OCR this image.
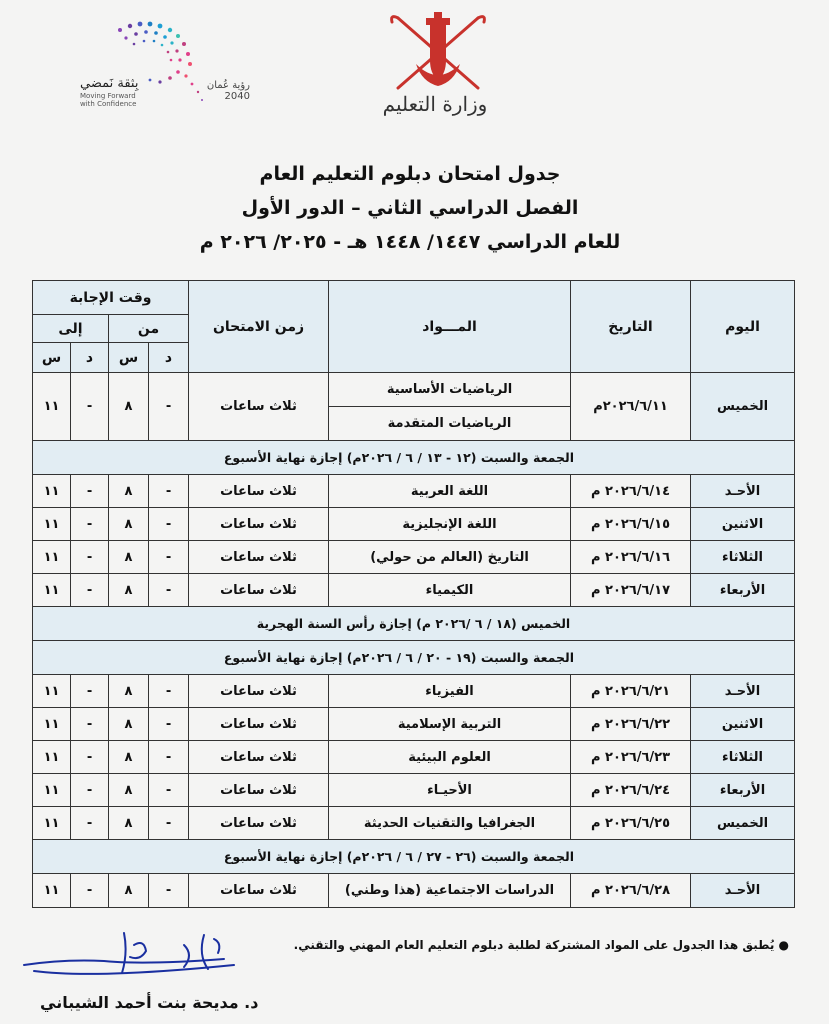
رؤية عُمان 2040
بِثقة نَمضي
Moving Forward
with Confidence	وزارة التعليم
جدول امتحان دبلوم التعليم العام
الفصل الدراسي الثاني – الدور الأول
للعام الدراسي ١٤٤٧/ ١٤٤٨ هـ - ٢٠٢٥/ ٢٠٢٦ م
اليوم	التاريخ	المـــواد	زمن الامتحان	وقت الإجابة			
				من		إلى	
				د	س	د	س
الخميس	٢٠٢٦/٦/١١م	الرياضيات الأساسية	ثلاث ساعات	-	٨	-	١١
		الرياضيات المتقدمة					
الجمعة والسبت (١٢ - ١٣ / ٦ / ٢٠٢٦م) إجازة نهاية الأسبوع							
الأحـد	٢٠٢٦/٦/١٤ م	اللغة العربية	ثلاث ساعات	-	٨	-	١١
الاثنين	٢٠٢٦/٦/١٥ م	اللغة الإنجليزية	ثلاث ساعات	-	٨	-	١١
الثلاثاء	٢٠٢٦/٦/١٦ م	التاريخ (العالم من حولي)	ثلاث ساعات	-	٨	-	١١
الأربعاء	٢٠٢٦/٦/١٧ م	الكيمياء	ثلاث ساعات	-	٨	-	١١
الخميس (١٨ / ٦ /٢٠٢٦ م) إجازة رأس السنة الهجرية							
الجمعة والسبت (١٩ - ٢٠ / ٦ / ٢٠٢٦م) إجازة نهاية الأسبوع							
الأحـد	٢٠٢٦/٦/٢١ م	الفيزياء	ثلاث ساعات	-	٨	-	١١
الاثنين	٢٠٢٦/٦/٢٢ م	التربية الإسلامية	ثلاث ساعات	-	٨	-	١١
الثلاثاء	٢٠٢٦/٦/٢٣ م	العلوم البيئية	ثلاث ساعات	-	٨	-	١١
الأربعاء	٢٠٢٦/٦/٢٤ م	الأحيـاء	ثلاث ساعات	-	٨	-	١١
الخميس	٢٠٢٦/٦/٢٥ م	الجغرافيا والتقنيات الحديثة	ثلاث ساعات	-	٨	-	١١
الجمعة والسبت (٢٦ - ٢٧ / ٦ / ٢٠٢٦م) إجازة نهاية الأسبوع							
الأحـد	٢٠٢٦/٦/٢٨ م	الدراسات الاجتماعية (هذا وطني)	ثلاث ساعات	-	٨	-	١١
● يُطبق هذا الجدول على المواد المشتركة لطلبة دبلوم التعليم العام المهني والتقني.
د. مديحة بنت أحمد الشيباني
